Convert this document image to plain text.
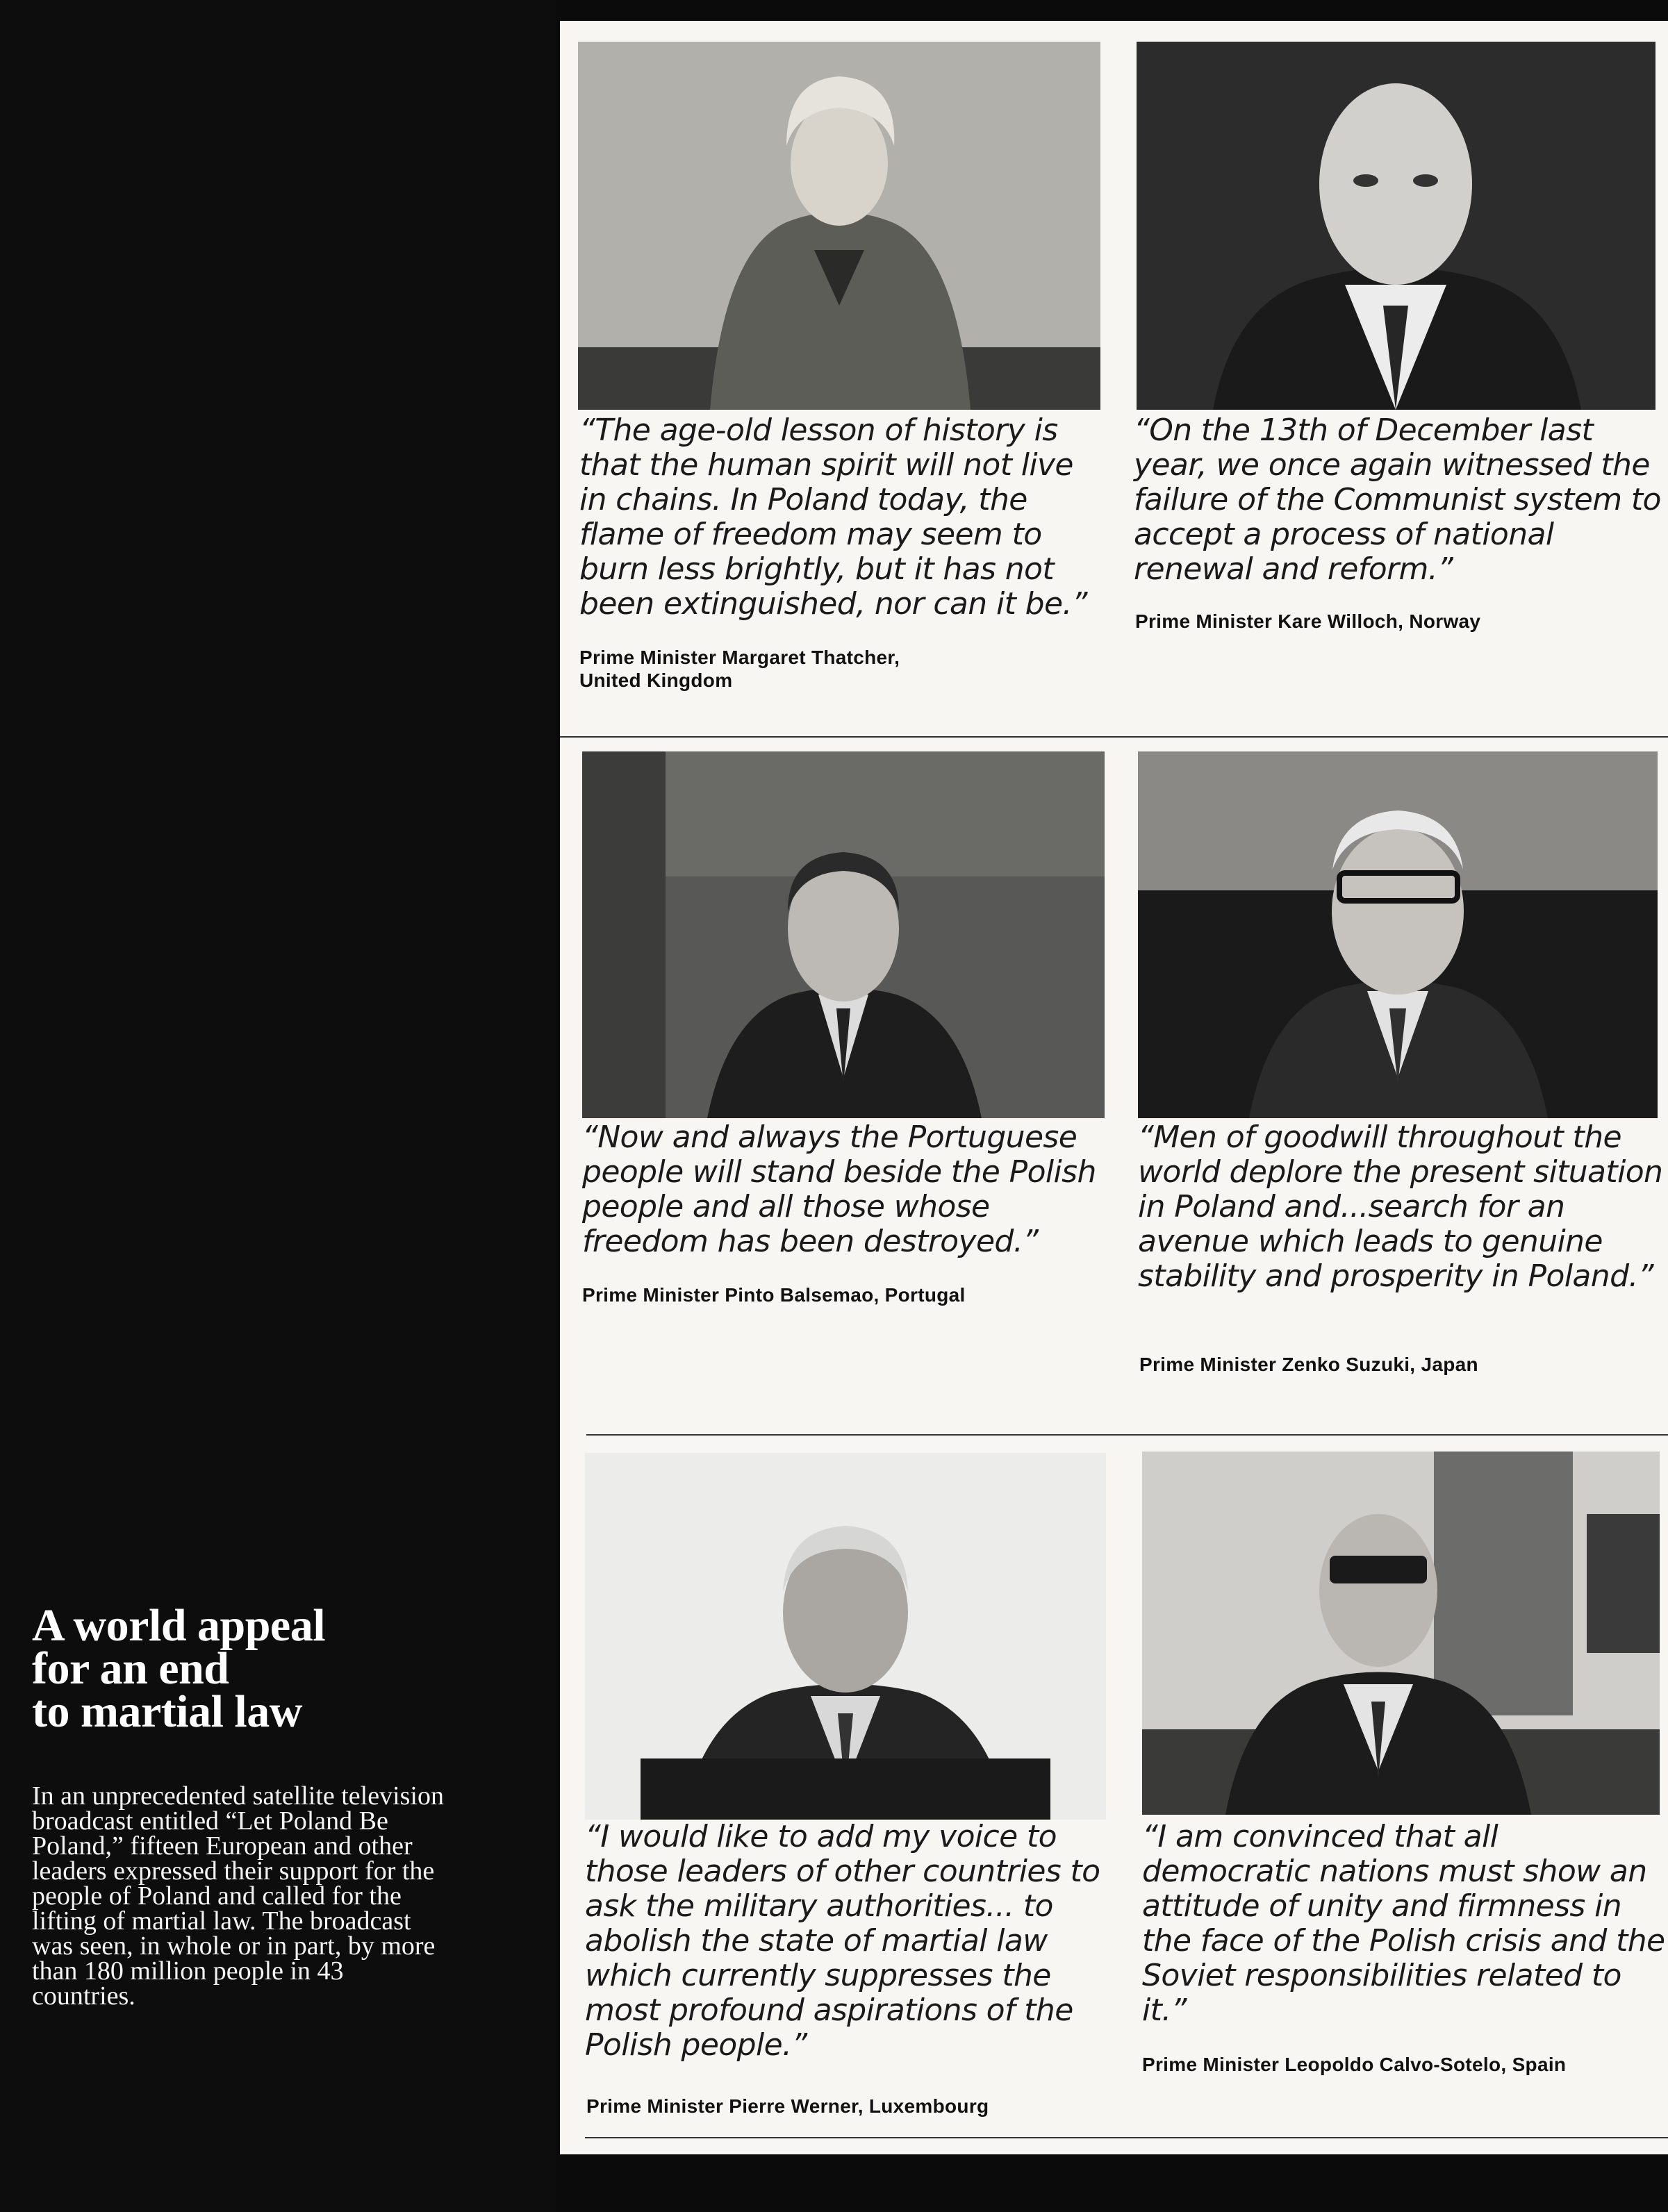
A world appeal
for an end
to martial law

In an unprecedented satellite television broadcast entitled “Let Poland Be Poland,” fifteen European and other leaders expressed their support for the people of Poland and called for the lifting of martial law. The broadcast was seen, in whole or in part, by more than 180 million people in 43 countries.

“The age-old lesson of history is that the human spirit will not live in chains. In Poland today, the flame of freedom may seem to burn less brightly, but it has not been extinguished, nor can it be.”

Prime Minister Margaret Thatcher,
United Kingdom

“On the 13th of December last year, we once again witnessed the failure of the Communist system to accept a process of national renewal and reform.”

Prime Minister Kare Willoch, Norway

“Now and always the Portuguese people will stand beside the Polish people and all those whose freedom has been destroyed.”

Prime Minister Pinto Balsemao, Portugal

“Men of goodwill throughout the world deplore the present situation in Poland and...search for an avenue which leads to genuine stability and prosperity in Poland.”

Prime Minister Zenko Suzuki, Japan

“I would like to add my voice to those leaders of other countries to ask the military authorities... to abolish the state of martial law which currently suppresses the most profound aspirations of the Polish people.”

Prime Minister Pierre Werner, Luxembourg

“I am convinced that all democratic nations must show an attitude of unity and firmness in the face of the Polish crisis and the Soviet responsibilities related to it.”

Prime Minister Leopoldo Calvo-Sotelo, Spain
